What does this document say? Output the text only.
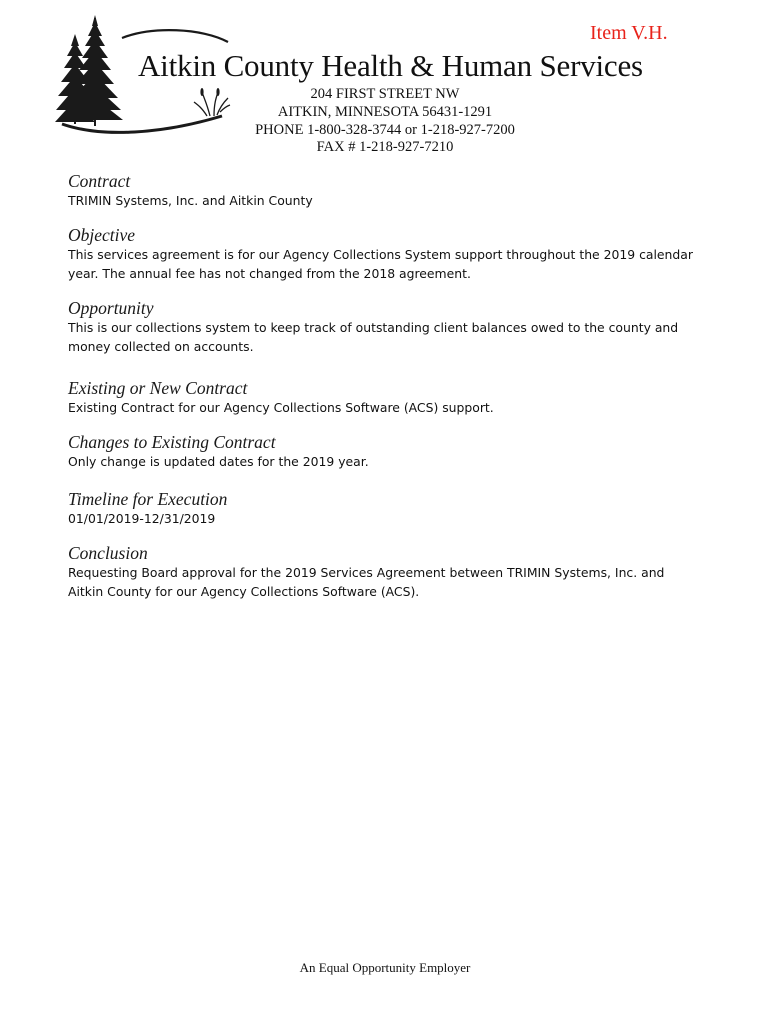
Item V.H.
Aitkin County Health & Human Services
204 FIRST STREET NW
AITKIN, MINNESOTA 56431-1291
PHONE 1-800-328-3744 or 1-218-927-7200
FAX # 1-218-927-7210

Contract

TRIMIN Systems, Inc. and Aitkin County

Objective

This services agreement is for our Agency Collections System support throughout the 2019 calendar year. The annual fee has not changed from the 2018 agreement.

Opportunity

This is our collections system to keep track of outstanding client balances owed to the county and money collected on accounts.

Existing or New Contract

Existing Contract for our Agency Collections Software (ACS) support.

Changes to Existing Contract

Only change is updated dates for the 2019 year.

Timeline for Execution

01/01/2019-12/31/2019

Conclusion

Requesting Board approval for the 2019 Services Agreement between TRIMIN Systems, Inc. and Aitkin County for our Agency Collections Software (ACS).

An Equal Opportunity Employer
